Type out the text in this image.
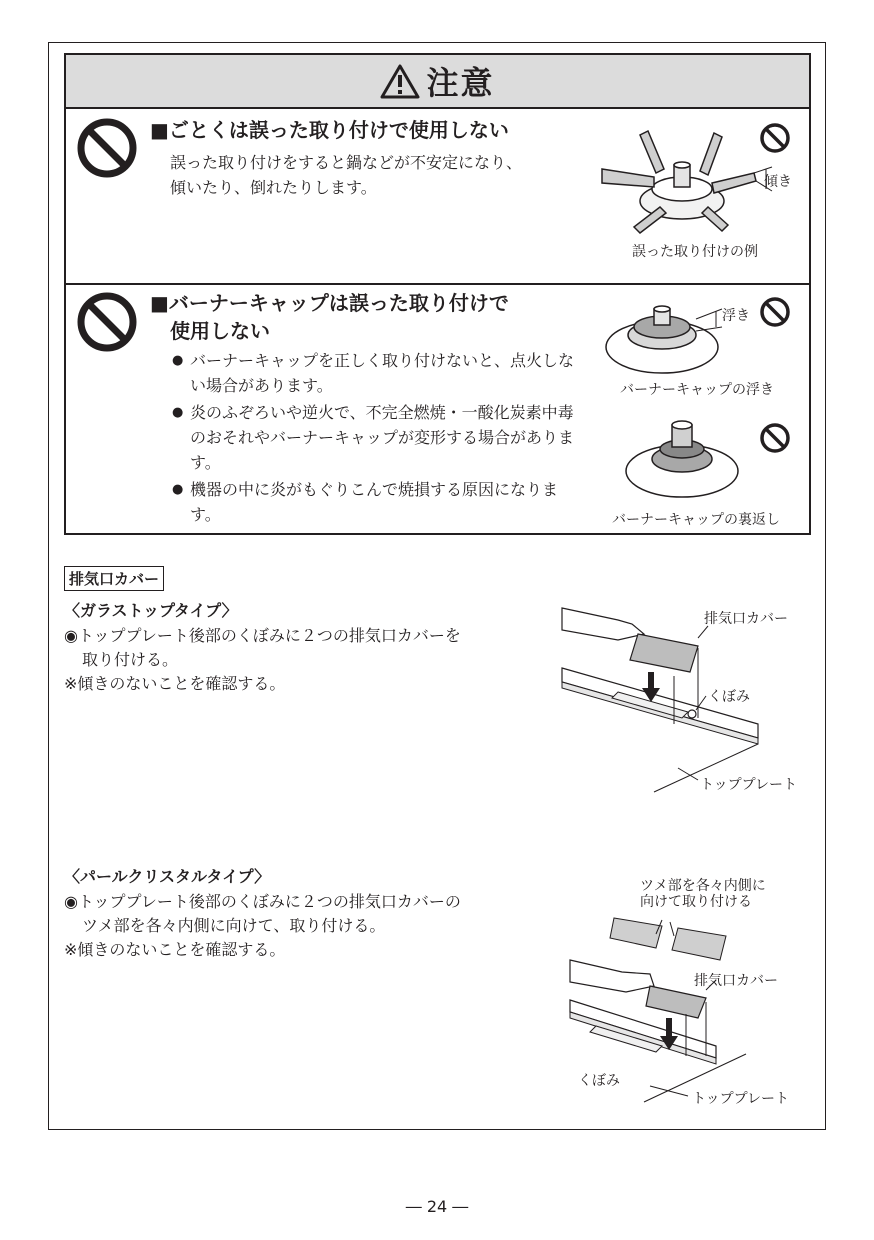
注意
■ごとくは誤った取り付けで使用しない
誤った取り付けをすると鍋などが不安定になり、
傾いたり、倒れたりします。	傾き
誤った取り付けの例
■バーナーキャップは誤った取り付けで
使用しない
● バーナーキャップを正しく取り付けないと、点火しない場合があります。
● 炎のふぞろいや逆火で、不完全燃焼・一酸化炭素中毒のおそれやバーナーキャップが変形する場合があります。
● 機器の中に炎がもぐりこんで焼損する原因になります。
浮き
バーナーキャップの浮き
バーナーキャップの裏返し
排気口カバー
〈ガラストップタイプ〉
◉トッププレート後部のくぼみに２つの排気口カバーを
取り付ける。
※傾きのないことを確認する。
排気口カバー
くぼみ
トッププレート
〈パールクリスタルタイプ〉
◉トッププレート後部のくぼみに２つの排気口カバーの
ツメ部を各々内側に向けて、取り付ける。
※傾きのないことを確認する。
ツメ部を各々内側に
向けて取り付ける
排気口カバー
くぼみ
トッププレート
― 24 ―
